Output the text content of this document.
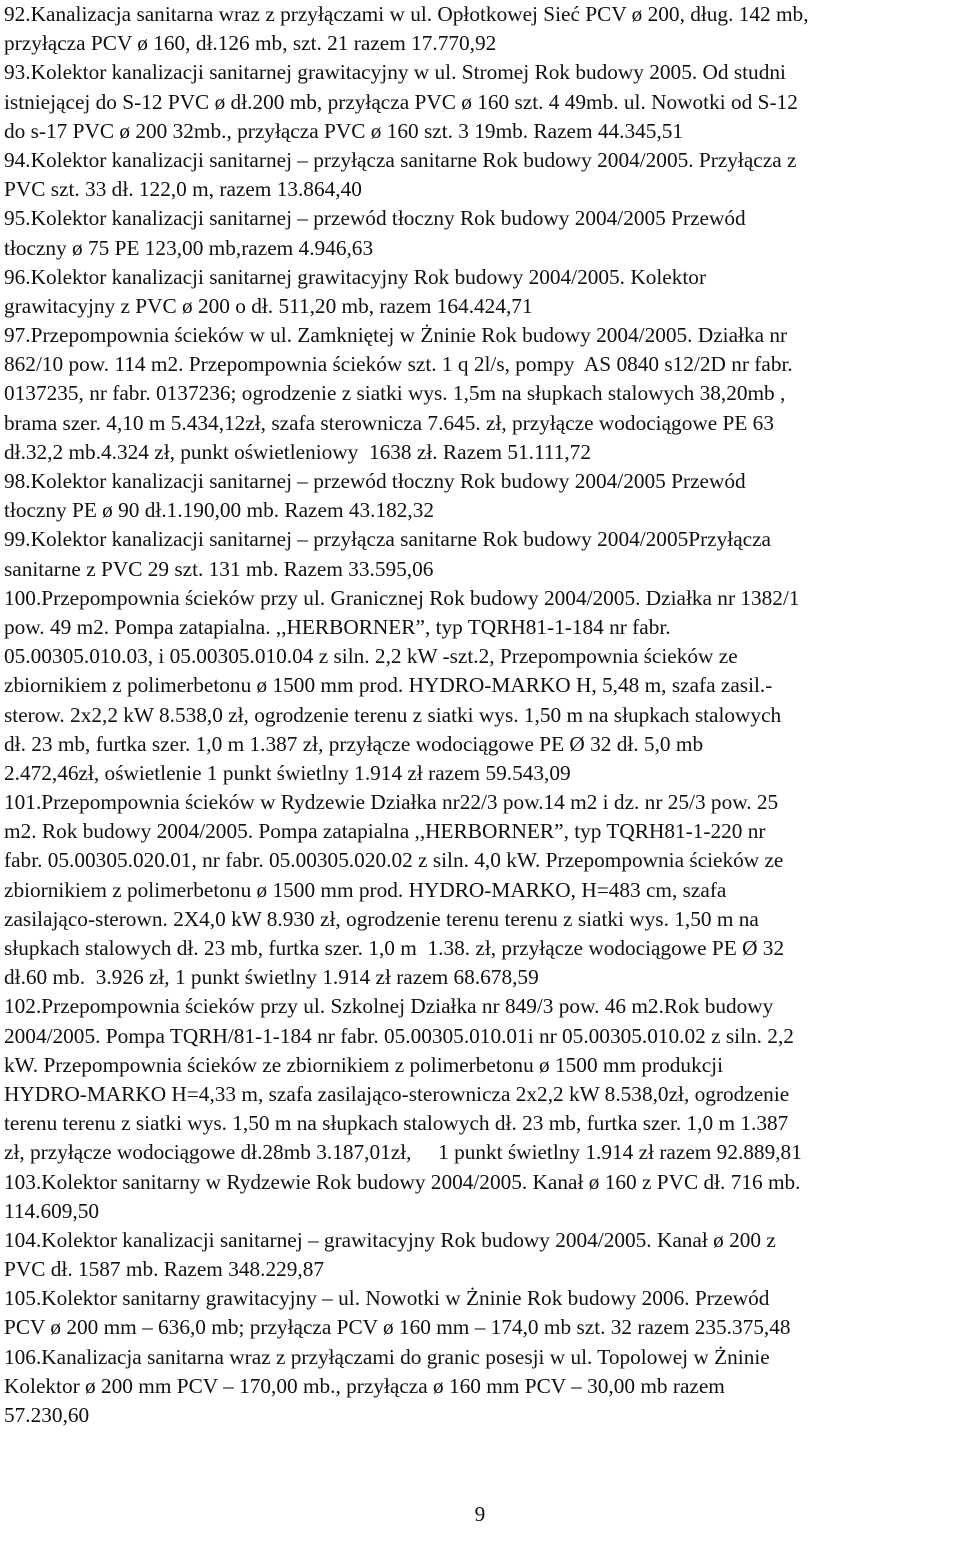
92.Kanalizacja sanitarna wraz z przyłączami w ul. Opłotkowej Sieć PCV ø 200, dług. 142 mb,
przyłącza PCV ø 160, dł.126 mb, szt. 21 razem 17.770,92
93.Kolektor kanalizacji sanitarnej grawitacyjny w ul. Stromej Rok budowy 2005. Od studni
istniejącej do S-12 PVC ø dł.200 mb, przyłącza PVC ø 160 szt. 4 49mb. ul. Nowotki od S-12
do s-17 PVC ø 200 32mb., przyłącza PVC ø 160 szt. 3 19mb. Razem 44.345,51
94.Kolektor kanalizacji sanitarnej – przyłącza sanitarne Rok budowy 2004/2005. Przyłącza z
PVC szt. 33 dł. 122,0 m, razem 13.864,40
95.Kolektor kanalizacji sanitarnej – przewód tłoczny Rok budowy 2004/2005 Przewód
tłoczny ø 75 PE 123,00 mb,razem 4.946,63
96.Kolektor kanalizacji sanitarnej grawitacyjny Rok budowy 2004/2005. Kolektor
grawitacyjny z PVC ø 200 o dł. 511,20 mb, razem 164.424,71
97.Przepompownia ścieków w ul. Zamkniętej w Żninie Rok budowy 2004/2005. Działka nr
862/10 pow. 114 m2. Przepompownia ścieków szt. 1 q 2l/s, pompy  AS 0840 s12/2D nr fabr.
0137235, nr fabr. 0137236; ogrodzenie z siatki wys. 1,5m na słupkach stalowych 38,20mb ,
brama szer. 4,10 m 5.434,12zł, szafa sterownicza 7.645. zł, przyłącze wodociągowe PE 63
dł.32,2 mb.4.324 zł, punkt oświetleniowy  1638 zł. Razem 51.111,72
98.Kolektor kanalizacji sanitarnej – przewód tłoczny Rok budowy 2004/2005 Przewód
tłoczny PE ø 90 dł.1.190,00 mb. Razem 43.182,32
99.Kolektor kanalizacji sanitarnej – przyłącza sanitarne Rok budowy 2004/2005Przyłącza
sanitarne z PVC 29 szt. 131 mb. Razem 33.595,06
100.Przepompownia ścieków przy ul. Granicznej Rok budowy 2004/2005. Działka nr 1382/1
pow. 49 m2. Pompa zatapialna. ,,HERBORNER”, typ TQRH81-1-184 nr fabr.
05.00305.010.03, i 05.00305.010.04 z siln. 2,2 kW -szt.2, Przepompownia ścieków ze
zbiornikiem z polimerbetonu ø 1500 mm prod. HYDRO-MARKO H, 5,48 m, szafa zasil.-
sterow. 2x2,2 kW 8.538,0 zł, ogrodzenie terenu z siatki wys. 1,50 m na słupkach stalowych
dł. 23 mb, furtka szer. 1,0 m 1.387 zł, przyłącze wodociągowe PE Ø 32 dł. 5,0 mb
2.472,46zł, oświetlenie 1 punkt świetlny 1.914 zł razem 59.543,09
101.Przepompownia ścieków w Rydzewie Działka nr22/3 pow.14 m2 i dz. nr 25/3 pow. 25
m2. Rok budowy 2004/2005. Pompa zatapialna ,,HERBORNER”, typ TQRH81-1-220 nr
fabr. 05.00305.020.01, nr fabr. 05.00305.020.02 z siln. 4,0 kW. Przepompownia ścieków ze
zbiornikiem z polimerbetonu ø 1500 mm prod. HYDRO-MARKO, H=483 cm, szafa
zasilająco-sterown. 2X4,0 kW 8.930 zł, ogrodzenie terenu terenu z siatki wys. 1,50 m na
słupkach stalowych dł. 23 mb, furtka szer. 1,0 m  1.38. zł, przyłącze wodociągowe PE Ø 32
dł.60 mb.  3.926 zł, 1 punkt świetlny 1.914 zł razem 68.678,59
102.Przepompownia ścieków przy ul. Szkolnej Działka nr 849/3 pow. 46 m2.Rok budowy
2004/2005. Pompa TQRH/81-1-184 nr fabr. 05.00305.010.01i nr 05.00305.010.02 z siln. 2,2
kW. Przepompownia ścieków ze zbiornikiem z polimerbetonu ø 1500 mm produkcji
HYDRO-MARKO H=4,33 m, szafa zasilająco-sterownicza 2x2,2 kW 8.538,0zł, ogrodzenie
terenu terenu z siatki wys. 1,50 m na słupkach stalowych dł. 23 mb, furtka szer. 1,0 m 1.387
zł, przyłącze wodociągowe dł.28mb 3.187,01zł,     1 punkt świetlny 1.914 zł razem 92.889,81
103.Kolektor sanitarny w Rydzewie Rok budowy 2004/2005. Kanał ø 160 z PVC dł. 716 mb.
114.609,50
104.Kolektor kanalizacji sanitarnej – grawitacyjny Rok budowy 2004/2005. Kanał ø 200 z
PVC dł. 1587 mb. Razem 348.229,87
105.Kolektor sanitarny grawitacyjny – ul. Nowotki w Żninie Rok budowy 2006. Przewód
PCV ø 200 mm – 636,0 mb; przyłącza PCV ø 160 mm – 174,0 mb szt. 32 razem 235.375,48
106.Kanalizacja sanitarna wraz z przyłączami do granic posesji w ul. Topolowej w Żninie
Kolektor ø 200 mm PCV – 170,00 mb., przyłącza ø 160 mm PCV – 30,00 mb razem
57.230,60
9
